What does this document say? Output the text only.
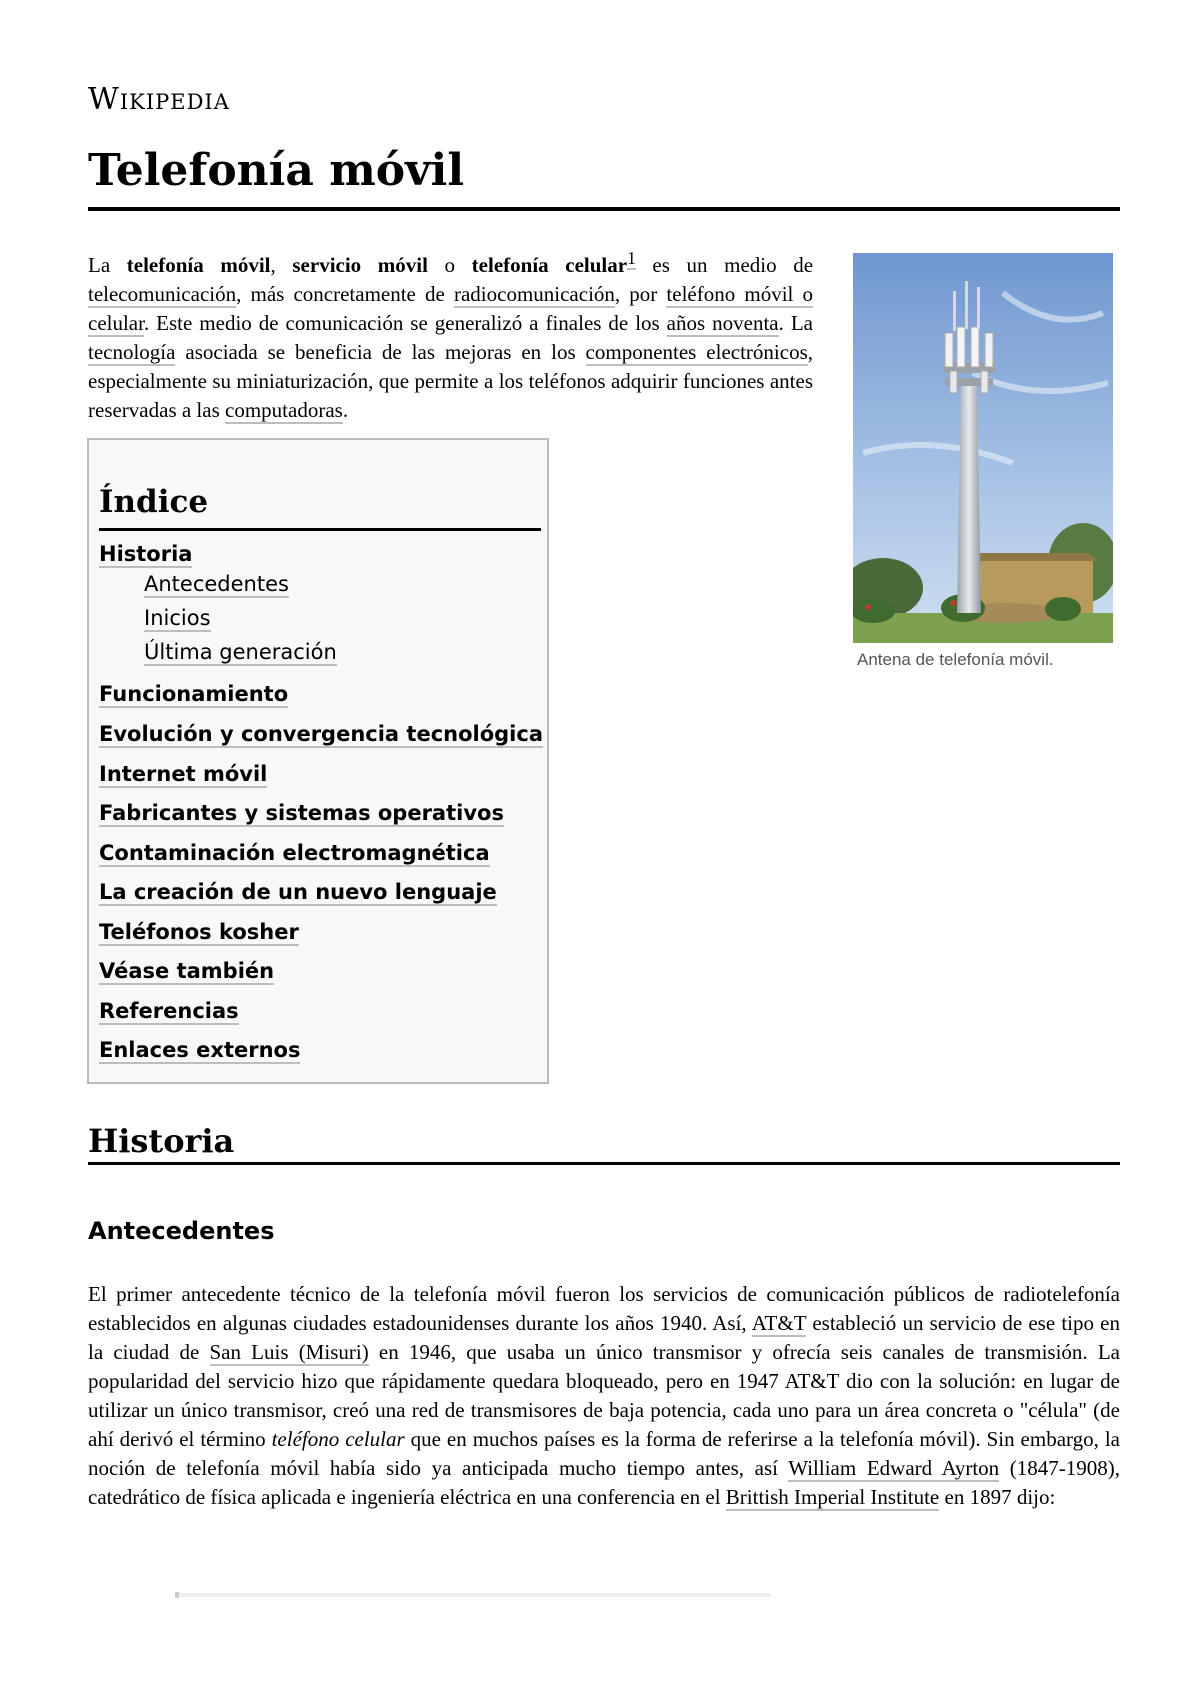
Wikipedia
Telefonía móvil
La telefonía móvil, servicio móvil o telefonía celular$^1$ es un medio de telecomunicación, más concretamente de radiocomunicación, por teléfono móvil o celular. Este medio de comunicación se generalizó a finales de los años noventa. La tecnología asociada se beneficia de las mejoras en los componentes electrónicos, especialmente su miniaturización, que permite a los teléfonos adquirir funciones antes reservadas a las computadoras.
Antena de telefonía móvil.
Índice
Historia
Antecedentes
Inicios
Última generación
Funcionamiento
Evolución y convergencia tecnológica
Internet móvil
Fabricantes y sistemas operativos
Contaminación electromagnética
La creación de un nuevo lenguaje
Teléfonos kosher
Véase también
Referencias
Enlaces externos
Historia
Antecedentes
El primer antecedente técnico de la telefonía móvil fueron los servicios de comunicación públicos de radiotelefonía establecidos en algunas ciudades estadounidenses durante los años 1940. Así, AT&T estableció un servicio de ese tipo en la ciudad de San Luis (Misuri) en 1946, que usaba un único transmisor y ofrecía seis canales de transmisión. La popularidad del servicio hizo que rápidamente quedara bloqueado, pero en 1947 AT&T dio con la solución: en lugar de utilizar un único transmisor, creó una red de transmisores de baja potencia, cada uno para un área concreta o "célula" (de ahí derivó el término teléfono celular que en muchos países es la forma de referirse a la telefonía móvil). Sin embargo, la noción de telefonía móvil había sido ya anticipada mucho tiempo antes, así William Edward Ayrton (1847-1908), catedrático de física aplicada e ingeniería eléctrica en una conferencia en el Brittish Imperial Institute en 1897 dijo:
